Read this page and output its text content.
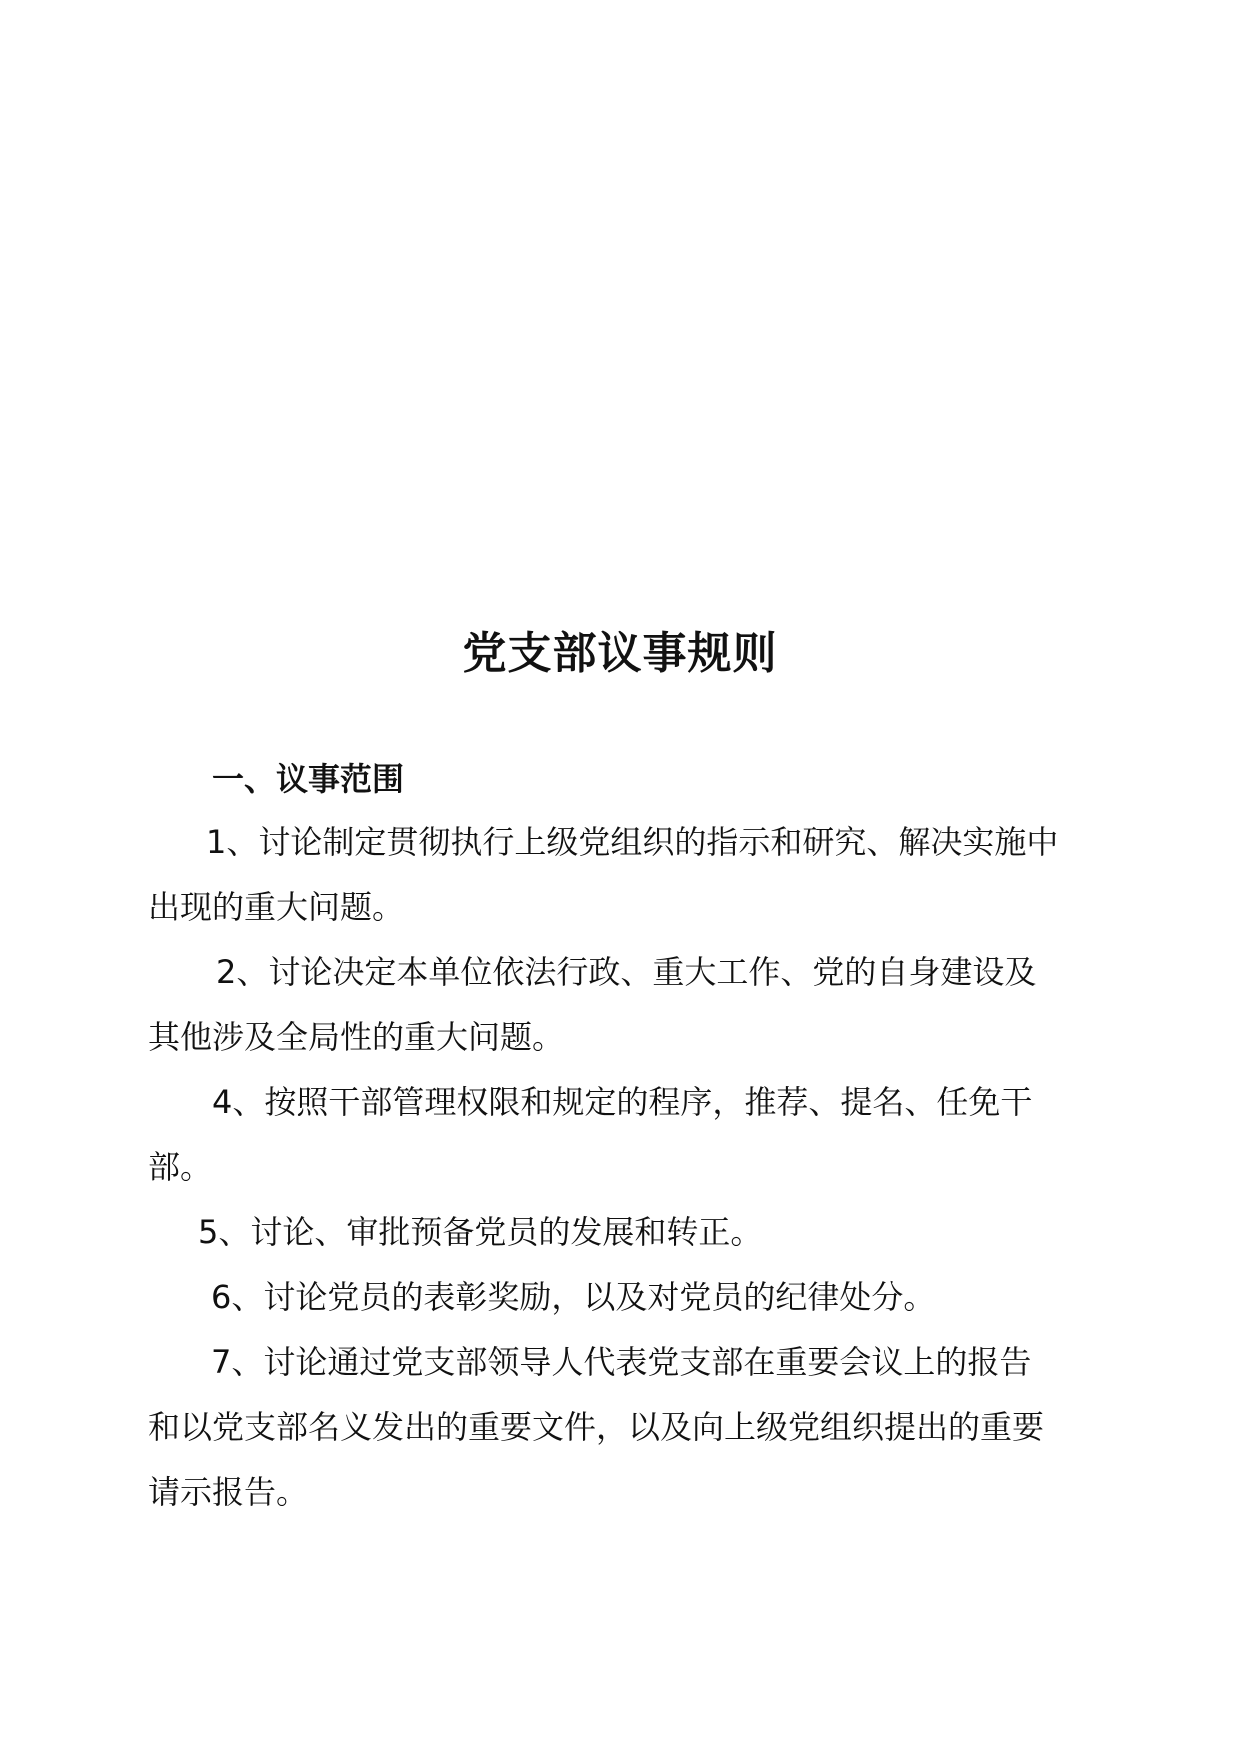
党支部议事规则
一、议事范围
1、讨论制定贯彻执行上级党组织的指示和研究、解决实施中
出现的重大问题。
2、讨论决定本单位依法行政、重大工作、党的自身建设及
其他涉及全局性的重大问题。
4、按照干部管理权限和规定的程序，推荐、提名、任免干
部。
5、讨论、审批预备党员的发展和转正。
6、讨论党员的表彰奖励，以及对党员的纪律处分。
7、讨论通过党支部领导人代表党支部在重要会议上的报告
和以党支部名义发出的重要文件，以及向上级党组织提出的重要
请示报告。
